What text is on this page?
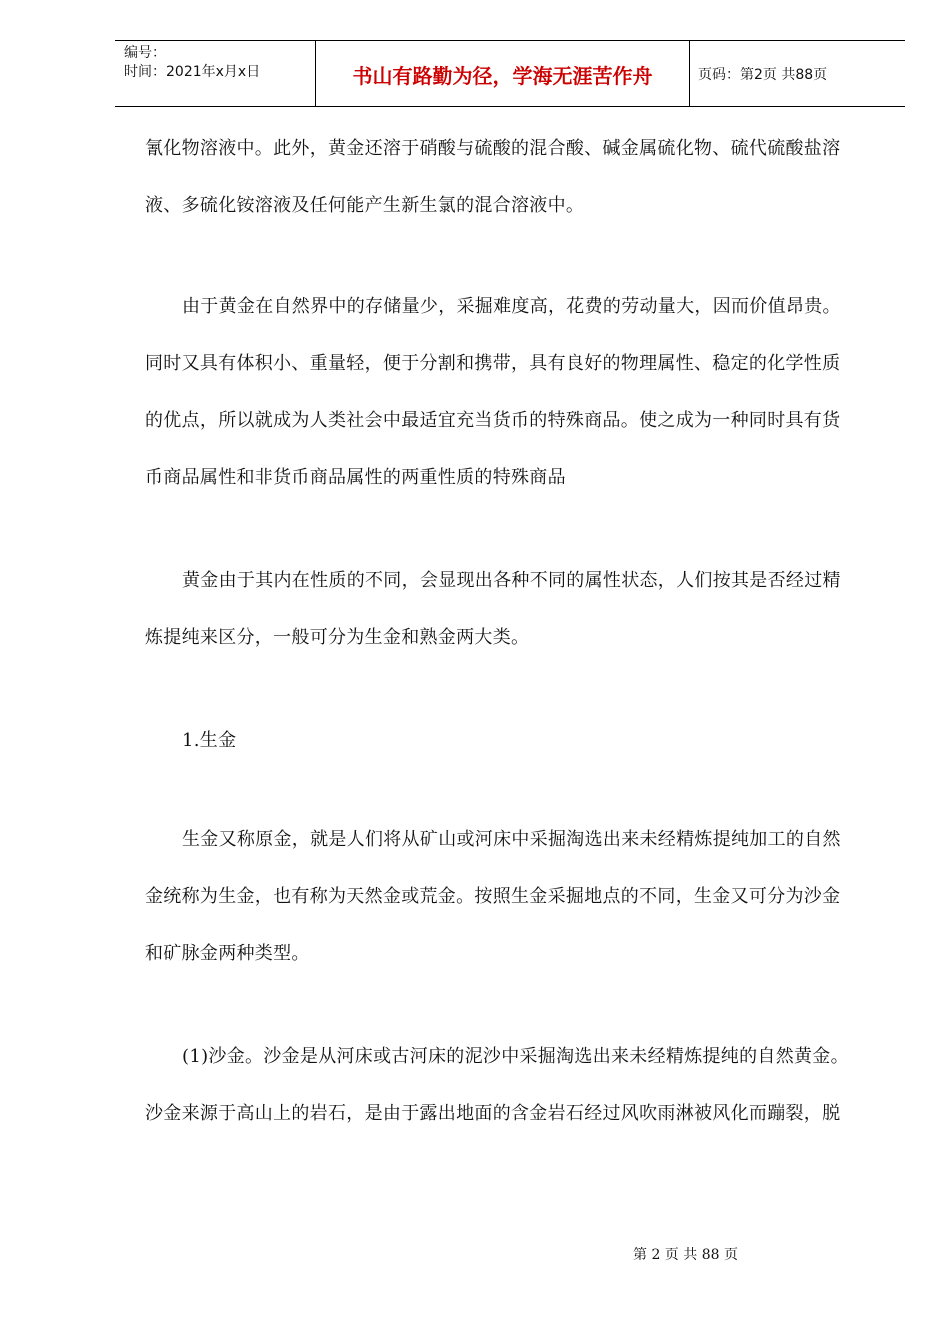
编号：
时间：2021年x月x日	书山有路勤为径，学海无涯苦作舟	页码：第2页 共88页
氰化物溶液中。此外，黄金还溶于硝酸与硫酸的混合酸、碱金属硫化物、硫代硫酸盐溶
液、多硫化铵溶液及任何能产生新生氯的混合溶液中。
由于黄金在自然界中的存储量少，采掘难度高，花费的劳动量大，因而价值昂贵。
同时又具有体积小、重量轻，便于分割和携带，具有良好的物理属性、稳定的化学性质
的优点，所以就成为人类社会中最适宜充当货币的特殊商品。使之成为一种同时具有货
币商品属性和非货币商品属性的两重性质的特殊商品
黄金由于其内在性质的不同，会显现出各种不同的属性状态，人们按其是否经过精
炼提纯来区分，一般可分为生金和熟金两大类。
1.生金
生金又称原金，就是人们将从矿山或河床中采掘淘选出来未经精炼提纯加工的自然
金统称为生金，也有称为天然金或荒金。按照生金采掘地点的不同，生金又可分为沙金
和矿脉金两种类型。
(1)沙金。沙金是从河床或古河床的泥沙中采掘淘选出来未经精炼提纯的自然黄金。
沙金来源于高山上的岩石，是由于露出地面的含金岩石经过风吹雨淋被风化而蹦裂，脱
第 2 页 共 88 页
